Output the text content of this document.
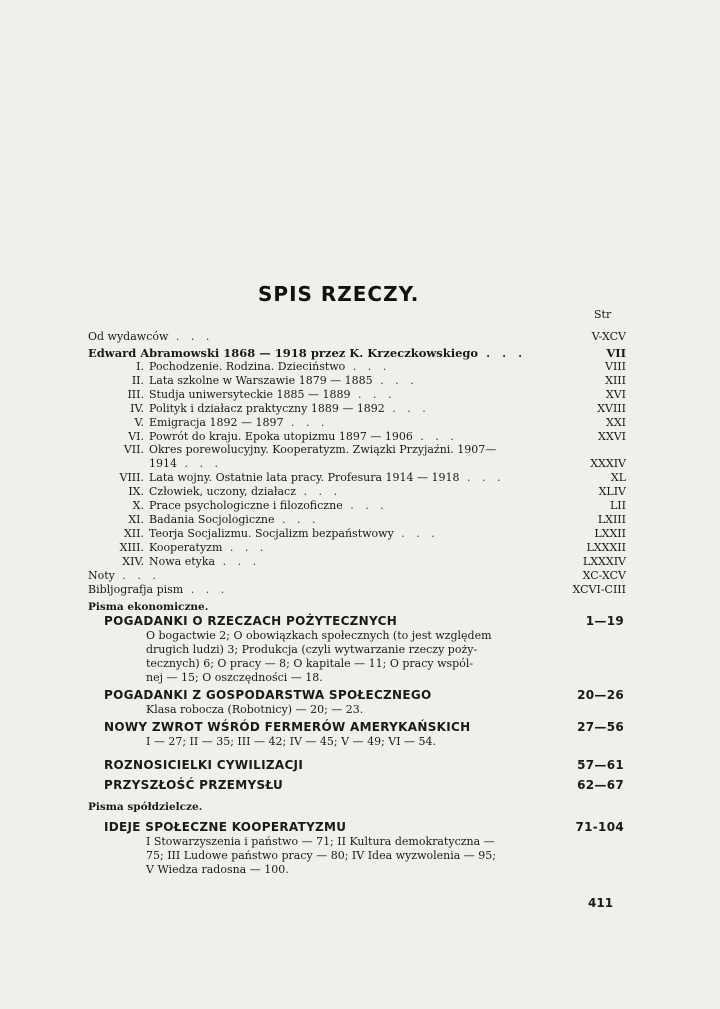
SPIS RZECZY.
Str
Od wydawców . . .	V-XCV
Edward Abramowski 1868 — 1918 przez K. Krzeczkowskiego . . .	VII
I. Pochodzenie. Rodzina. Dzieciństwo . . .	VIII
II. Lata szkolne w Warszawie 1879 — 1885 . . .	XIII
III. Studja uniwersyteckie 1885 — 1889 . . .	XVI
IV. Polityk i działacz praktyczny 1889 — 1892 . . .	XVIII
V. Emigracja 1892 — 1897 . . .	XXI
VI. Powrót do kraju. Epoka utopizmu 1897 — 1906 . . .	XXVI
VII. Okres porewolucyjny. Kooperatyzm. Związki Przyjaźni. 1907—
1914 . . .	XXXIV
VIII. Lata wojny. Ostatnie lata pracy. Profesura 1914 — 1918 . . .	XL
IX. Człowiek, uczony, działacz . . .	XLIV
X. Prace psychologiczne i filozoficzne . . .	LII
XI. Badania Socjologiczne . . .	LXIII
XII. Teorja Socjalizmu. Socjalizm bezpaństwowy . . .	LXXII
XIII. Kooperatyzm . . .	LXXXII
XIV. Nowa etyka . . .	LXXXIV
Noty . . .	XC-XCV
Bibljografja pism . . .	XCVI-CIII
Pisma ekonomiczne.
POGADANKI O RZECZACH POŻYTECZNYCH	1—19
O bogactwie 2; O obowiązkach społecznych (to jest względem
drugich ludzi) 3; Produkcja (czyli wytwarzanie rzeczy poży-
tecznych) 6; O pracy — 8; O kapitale — 11; O pracy wspól-
nej — 15; O oszczędności — 18.
POGADANKI Z GOSPODARSTWA SPOŁECZNEGO	20—26
Klasa robocza (Robotnicy) — 20; — 23.
NOWY ZWROT WŚRÓD FERMERÓW AMERYKAŃSKICH	27—56
I — 27; II — 35; III — 42; IV — 45; V — 49; VI — 54.
ROZNOSICIELKI CYWILIZACJI	57—61
PRZYSZŁOŚĆ PRZEMYSŁU	62—67
Pisma spółdzielcze.
IDEJE SPOŁECZNE KOOPERATYZMU	71-104
I Stowarzyszenia i państwo — 71; II Kultura demokratyczna —
75; III Ludowe państwo pracy — 80; IV Idea wyzwolenia — 95;
V Wiedza radosna — 100.
411
